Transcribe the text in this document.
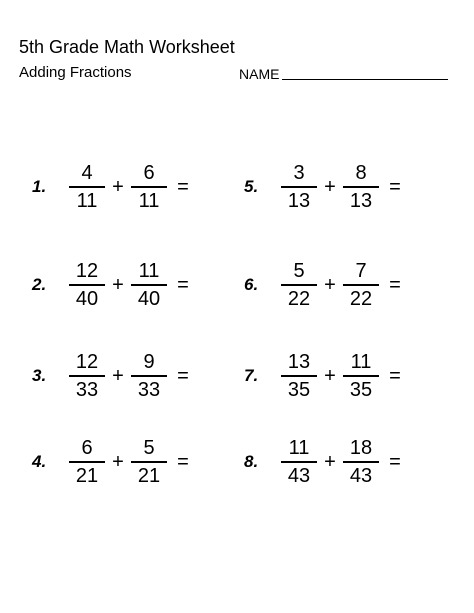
5th Grade Math Worksheet
Adding Fractions	NAME
1. $\frac{4}{11} + \frac{6}{11}$ =
2. $\frac{12}{40} + \frac{11}{40}$ =
3. $\frac{12}{33} + \frac{9}{33}$ =
4. $\frac{6}{21} + \frac{5}{21}$ =
5. $\frac{3}{13} + \frac{8}{13}$ =
6. $\frac{5}{22} + \frac{7}{22}$ =
7. $\frac{13}{35} + \frac{11}{35}$ =
8. $\frac{11}{43} + \frac{18}{43}$ =
